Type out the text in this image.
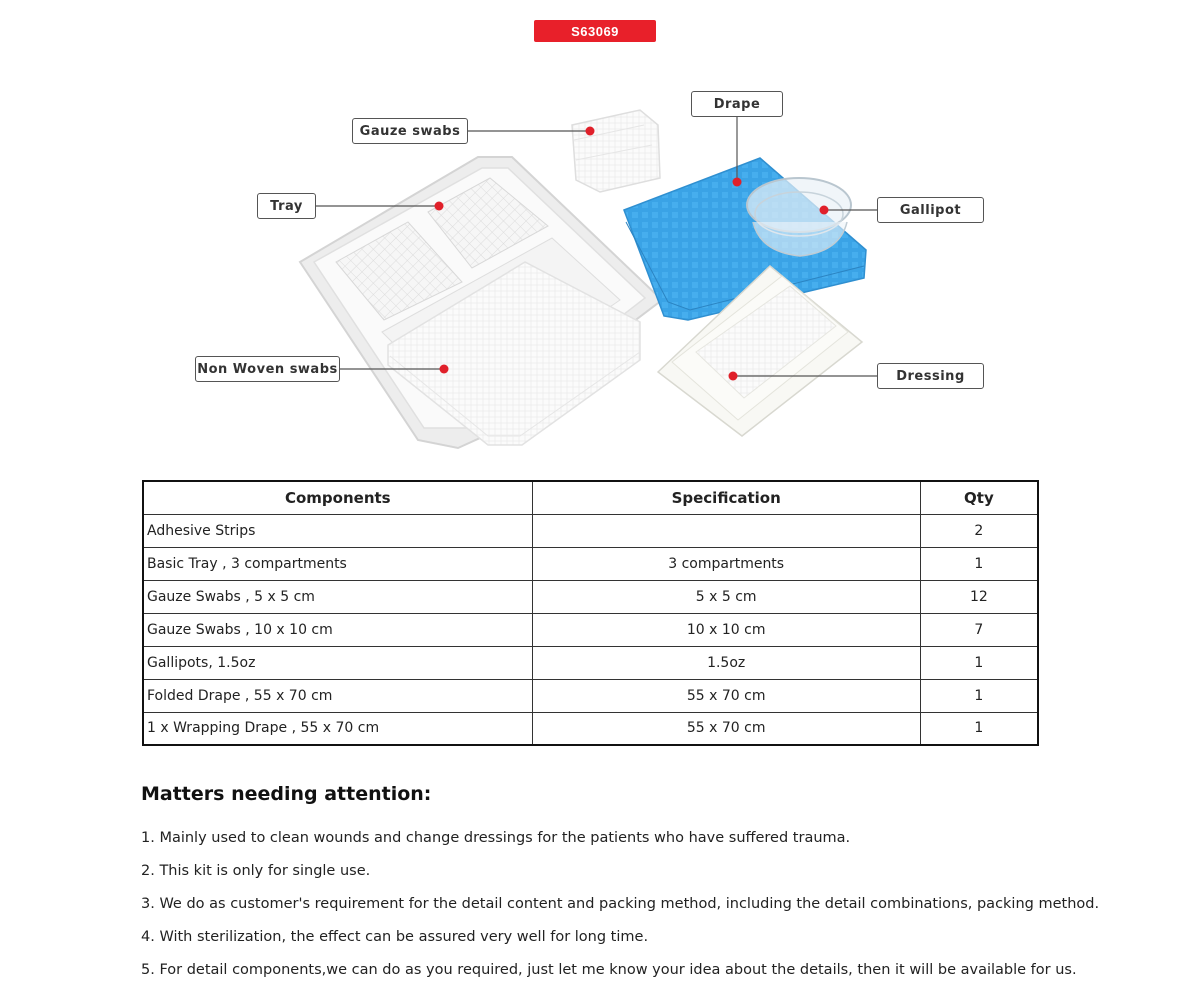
S63069
Gauze swabs
Drape
Tray	Gallipot
Non Woven swabs	Dressing
Components	Specification	Qty
Adhesive Strips		2
Basic Tray , 3 compartments	3 compartments	1
Gauze Swabs , 5 x 5 cm	5 x 5 cm	12
Gauze Swabs , 10 x 10 cm	10 x 10 cm	7
Gallipots, 1.5oz	1.5oz	1
Folded Drape , 55 x 70 cm	55 x 70 cm	1
1 x Wrapping Drape , 55 x 70 cm	55 x 70 cm	1
Matters needing attention:
1. Mainly used to clean wounds and change dressings for the patients who have suffered trauma.
2. This kit is only for single use.
3. We do as customer's requirement for the detail content and packing method, including the detail combinations, packing method.
4. With sterilization, the effect can be assured very well for long time.
5. For detail components,we can do as you required, just let me know your idea about the details, then it will be available for us.
